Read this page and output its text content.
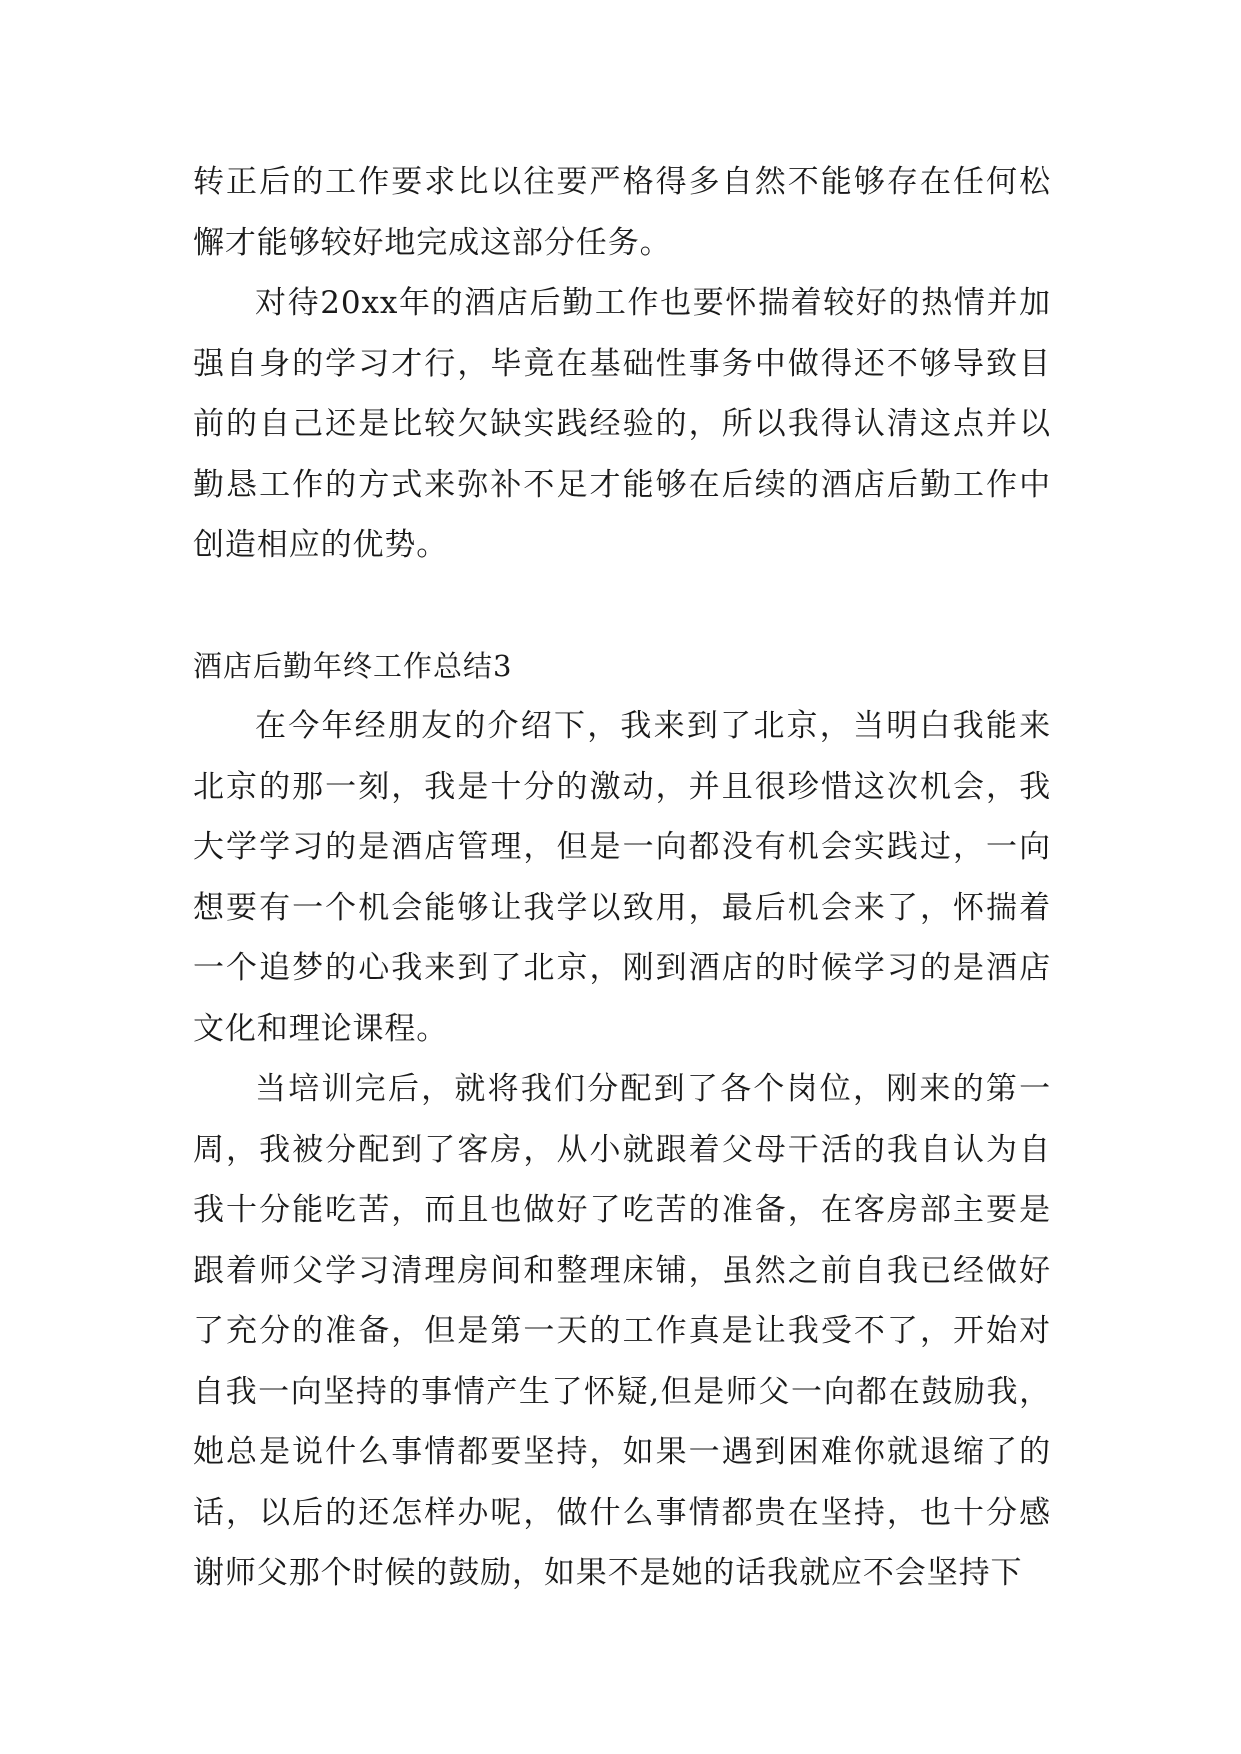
转正后的工作要求比以往要严格得多自然不能够存在任何松懈才能够较好地完成这部分任务。

对待20xx年的酒店后勤工作也要怀揣着较好的热情并加强自身的学习才行，毕竟在基础性事务中做得还不够导致目前的自己还是比较欠缺实践经验的，所以我得认清这点并以勤恳工作的方式来弥补不足才能够在后续的酒店后勤工作中创造相应的优势。

酒店后勤年终工作总结3

在今年经朋友的介绍下，我来到了北京，当明白我能来北京的那一刻，我是十分的激动，并且很珍惜这次机会，我大学学习的是酒店管理，但是一向都没有机会实践过，一向想要有一个机会能够让我学以致用，最后机会来了，怀揣着一个追梦的心我来到了北京，刚到酒店的时候学习的是酒店文化和理论课程。

当培训完后，就将我们分配到了各个岗位，刚来的第一周，我被分配到了客房，从小就跟着父母干活的我自认为自我十分能吃苦，而且也做好了吃苦的准备，在客房部主要是跟着师父学习清理房间和整理床铺，虽然之前自我已经做好了充分的准备，但是第一天的工作真是让我受不了，开始对自我一向坚持的事情产生了怀疑,但是师父一向都在鼓励我，她总是说什么事情都要坚持，如果一遇到困难你就退缩了的话，以后的还怎样办呢，做什么事情都贵在坚持，也十分感谢师父那个时候的鼓励，如果不是她的话我就应不会坚持下
